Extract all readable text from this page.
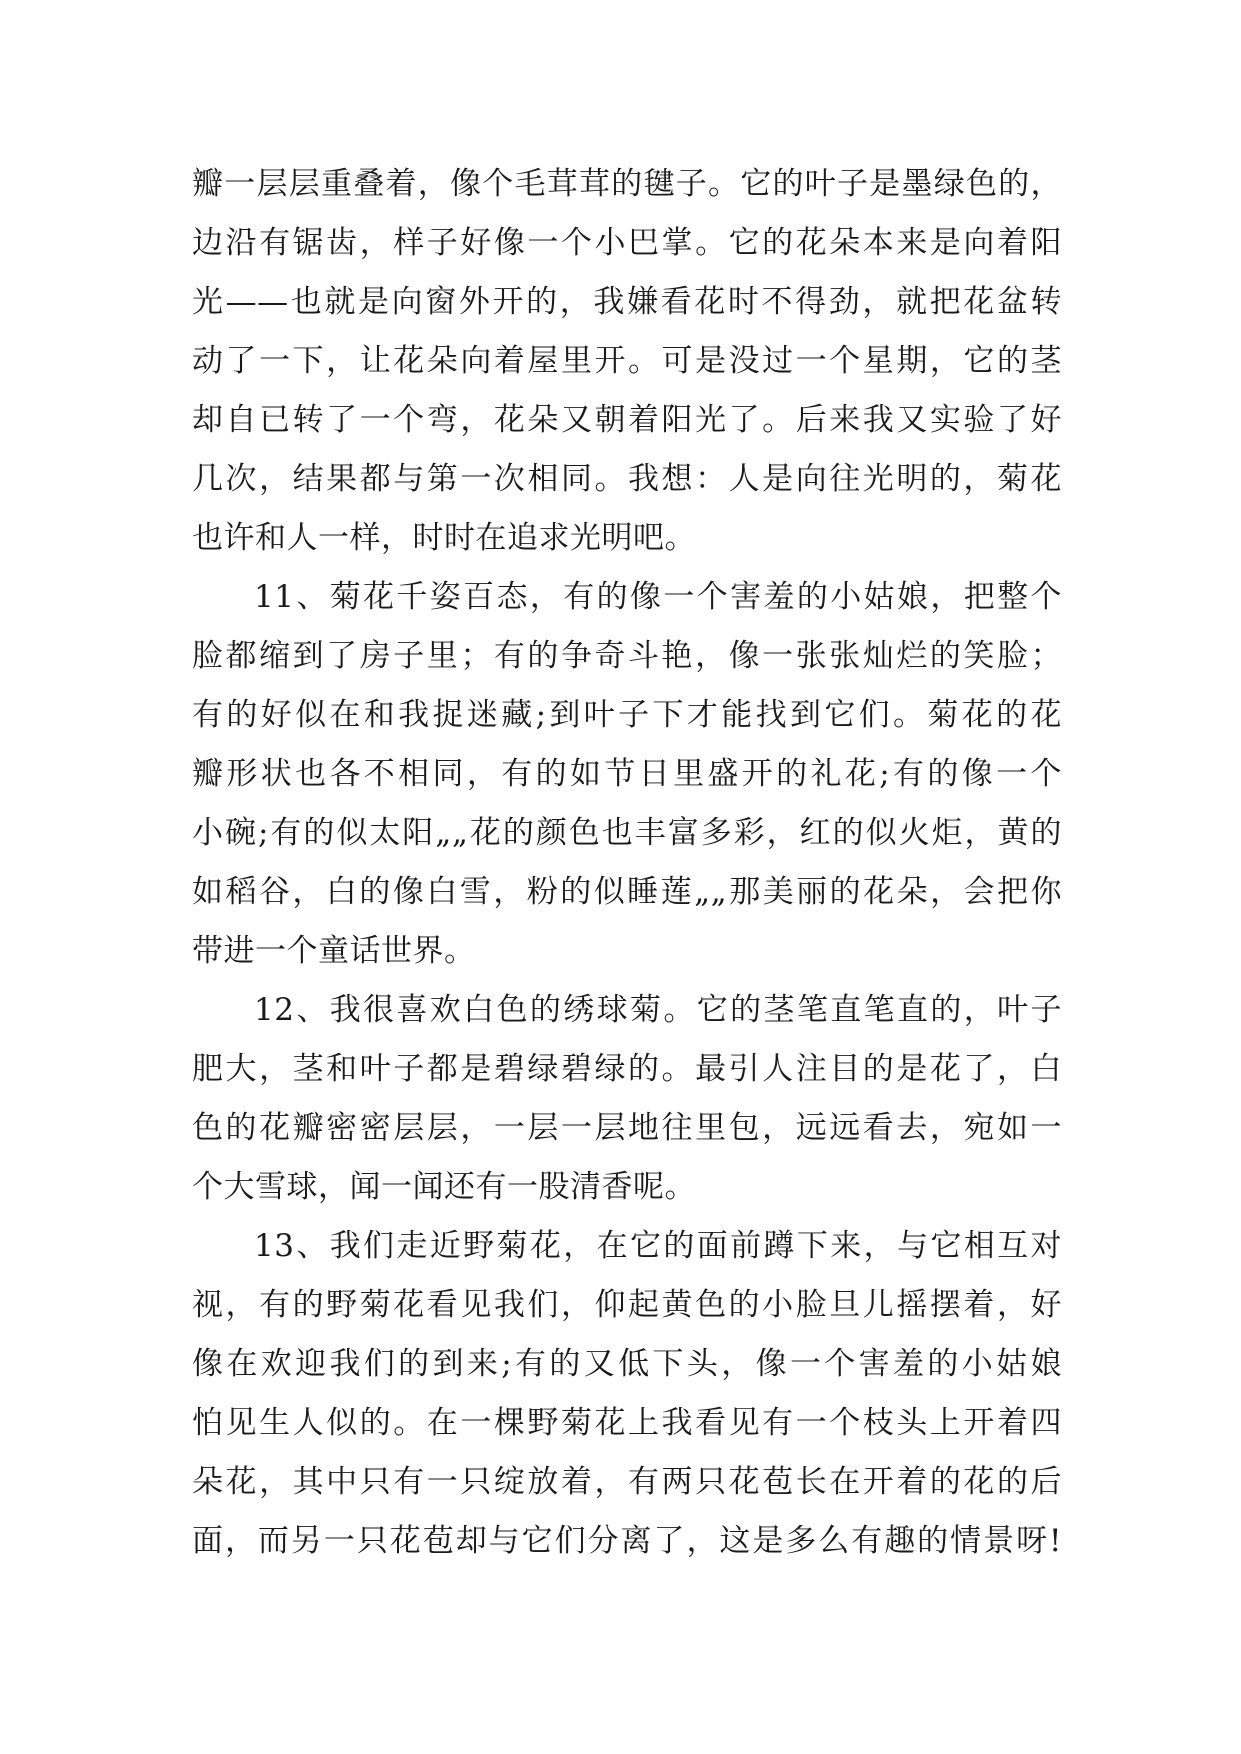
瓣一层层重叠着，像个毛茸茸的毽子。它的叶子是墨绿色的，
边沿有锯齿，样子好像一个小巴掌。它的花朵本来是向着阳
光——也就是向窗外开的，我嫌看花时不得劲，就把花盆转
动了一下，让花朵向着屋里开。可是没过一个星期，它的茎
却自已转了一个弯，花朵又朝着阳光了。后来我又实验了好
几次，结果都与第一次相同。我想：人是向往光明的，菊花
也许和人一样，时时在追求光明吧。
11、菊花千姿百态，有的像一个害羞的小姑娘，把整个
脸都缩到了房子里；有的争奇斗艳，像一张张灿烂的笑脸；
有的好似在和我捉迷藏;到叶子下才能找到它们。菊花的花
瓣形状也各不相同，有的如节日里盛开的礼花;有的像一个
小碗;有的似太阳„„花的颜色也丰富多彩，红的似火炬，黄的
如稻谷，白的像白雪，粉的似睡莲„„那美丽的花朵，会把你
带进一个童话世界。
12、我很喜欢白色的绣球菊。它的茎笔直笔直的，叶子
肥大，茎和叶子都是碧绿碧绿的。最引人注目的是花了，白
色的花瓣密密层层，一层一层地往里包，远远看去，宛如一
个大雪球，闻一闻还有一股清香呢。
13、我们走近野菊花，在它的面前蹲下来，与它相互对
视，有的野菊花看见我们，仰起黄色的小脸旦儿摇摆着，好
像在欢迎我们的到来;有的又低下头，像一个害羞的小姑娘
怕见生人似的。在一棵野菊花上我看见有一个枝头上开着四
朵花，其中只有一只绽放着，有两只花苞长在开着的花的后
面，而另一只花苞却与它们分离了，这是多么有趣的情景呀!
